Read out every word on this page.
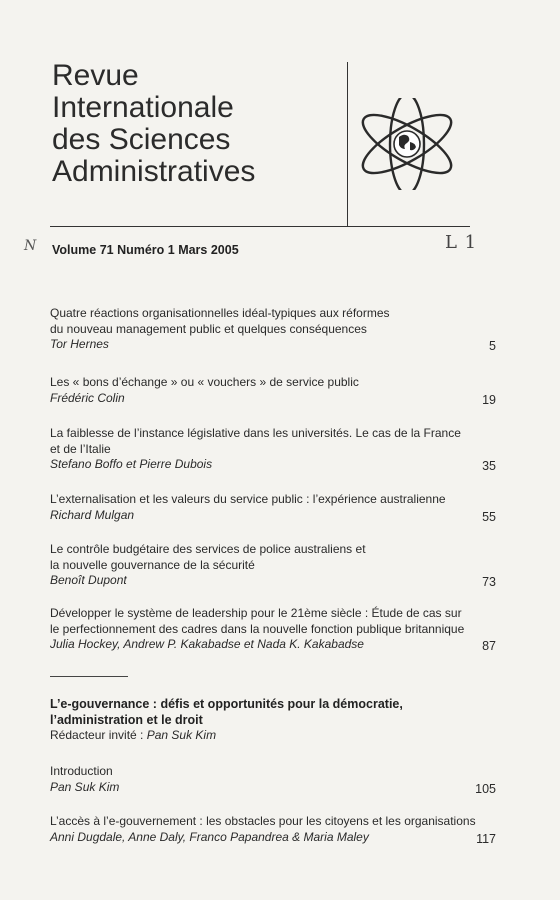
Revue
Internationale
des Sciences
Administratives
N Volume 71 Numéro 1 Mars 2005	L 1
Quatre réactions organisationnelles idéal-typiques aux réformes
du nouveau management public et quelques conséquences
Tor Hernes	5
Les « bons d’échange » ou « vouchers » de service public
Frédéric Colin	19
La faiblesse de l’instance législative dans les universités. Le cas de la France
et de l’Italie
Stefano Boffo et Pierre Dubois	35
L’externalisation et les valeurs du service public : l’expérience australienne
Richard Mulgan	55
Le contrôle budgétaire des services de police australiens et
la nouvelle gouvernance de la sécurité
Benoît Dupont	73
Développer le système de leadership pour le 21ème siècle : Étude de cas sur
le perfectionnement des cadres dans la nouvelle fonction publique britannique
Julia Hockey, Andrew P. Kakabadse et Nada K. Kakabadse	87
L’e-gouvernance : défis et opportunités pour la démocratie,
l’administration et le droit
Rédacteur invité : Pan Suk Kim
Introduction
Pan Suk Kim	105
L’accès à l’e-gouvernement : les obstacles pour les citoyens et les organisations
Anni Dugdale, Anne Daly, Franco Papandrea & Maria Maley	117
